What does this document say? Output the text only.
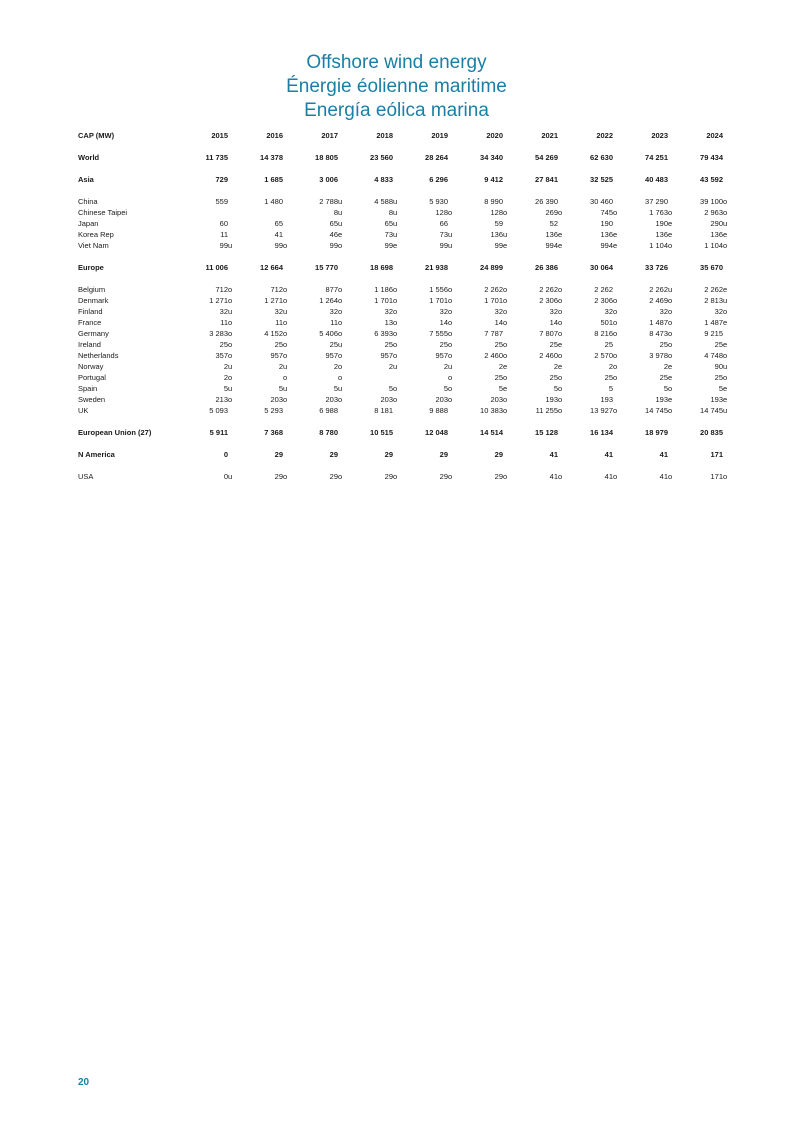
Offshore wind energy
Énergie éolienne maritime
Energía eólica marina
CAP (MW)	2015		2016		2017		2018		2019		2020		2021		2022		2023		2024	

World	11 735		14 378		18 805		23 560		28 264		34 340		54 269		62 630		74 251		79 434	

Asia	729		1 685		3 006		4 833		6 296		9 412		27 841		32 525		40 483		43 592	

China	559		1 480		2 788	u	4 588	u	5 930		8 990		26 390		30 460		37 290		39 100	o
Chinese Taipei					8	u	8	u	128	o	128	o	269	o	745	o	1 763	o	2 963	o
Japan	60		65		65	u	65	u	66		59		52		190		190	e	290	u
Korea Rep	11		41		46	e	73	u	73	u	136	u	136	e	136	e	136	e	136	e
Viet Nam	99	u	99	o	99	o	99	e	99	u	99	e	994	e	994	e	1 104	o	1 104	o

Europe	11 006		12 664		15 770		18 698		21 938		24 899		26 386		30 064		33 726		35 670	

Belgium	712	o	712	o	877	o	1 186	o	1 556	o	2 262	o	2 262	o	2 262		2 262	u	2 262	e
Denmark	1 271	o	1 271	o	1 264	o	1 701	o	1 701	o	1 701	o	2 306	o	2 306	o	2 469	o	2 813	u
Finland	32	u	32	u	32	o	32	o	32	o	32	o	32	o	32	o	32	o	32	o
France	11	o	11	o	11	o	13	o	14	o	14	o	14	o	501	o	1 487	o	1 487	e
Germany	3 283	o	4 152	o	5 406	o	6 393	o	7 555	o	7 787		7 807	o	8 216	o	8 473	o	9 215	
Ireland	25	o	25	o	25	u	25	o	25	o	25	o	25	e	25		25	o	25	e
Netherlands	357	o	957	o	957	o	957	o	957	o	2 460	o	2 460	o	2 570	o	3 978	o	4 748	o
Norway	2	u	2	u	2	o	2	u	2	u	2	e	2	e	2	o	2	e	90	u
Portugal	2	o		o		o				o	25	o	25	o	25	o	25	e	25	o
Spain	5	u	5	u	5	u	5	o	5	o	5	e	5	o	5		5	o	5	e
Sweden	213	o	203	o	203	o	203	o	203	o	203	o	193	o	193		193	e	193	e
UK	5 093		5 293		6 988		8 181		9 888		10 383	o	11 255	o	13 927	o	14 745	o	14 745	u

European Union (27)	5 911		7 368		8 780		10 515		12 048		14 514		15 128		16 134		18 979		20 835	

N America	0		29		29		29		29		29		41		41		41		171	

USA	0	u	29	o	29	o	29	o	29	o	29	o	41	o	41	o	41	o	171	o
20
